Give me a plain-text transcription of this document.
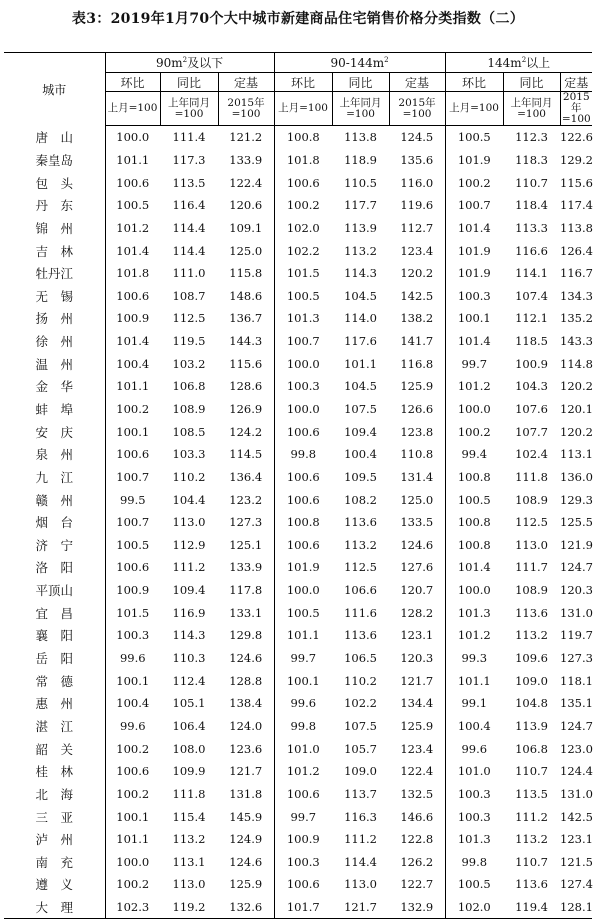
表3：2019年1月70个大中城市新建商品住宅销售价格分类指数（二）
城市	$90m^2$及以下			$90-144m^2$			$144m^2$以上		
	环比	同比	定基	环比	同比	定基	环比	同比	定基
	上月=100	上年同月=100	2015年=100	上月=100	上年同月=100	2015年=100	上月=100	上年同月=100	2015年=100
唐　山	100.0	111.4	121.2	100.8	113.8	124.5	100.5	112.3	122.6
秦皇岛	101.1	117.3	133.9	101.8	118.9	135.6	101.9	118.3	129.2
包　头	100.6	113.5	122.4	100.6	110.5	116.0	100.2	110.7	115.6
丹　东	100.5	116.4	120.6	100.2	117.7	119.6	100.7	118.4	117.4
锦　州	101.2	114.4	109.1	102.0	113.9	112.7	101.4	113.3	113.8
吉　林	101.4	114.4	125.0	102.2	113.2	123.4	101.9	116.6	126.4
牡丹江	101.8	111.0	115.8	101.5	114.3	120.2	101.9	114.1	116.7
无　锡	100.6	108.7	148.6	100.5	104.5	142.5	100.3	107.4	134.3
扬　州	100.9	112.5	136.7	101.3	114.0	138.2	100.1	112.1	135.2
徐　州	101.4	119.5	144.3	100.7	117.6	141.7	101.4	118.5	143.3
温　州	100.4	103.2	115.6	100.0	101.1	116.8	99.7	100.9	114.8
金　华	101.1	106.8	128.6	100.3	104.5	125.9	101.2	104.3	120.2
蚌　埠	100.2	108.9	126.9	100.0	107.5	126.6	100.0	107.6	120.1
安　庆	100.1	108.5	124.2	100.6	109.4	123.8	100.2	107.7	120.2
泉　州	100.6	103.3	114.5	99.8	100.4	110.8	99.4	102.4	113.1
九　江	100.7	110.2	136.4	100.6	109.5	131.4	100.8	111.8	136.0
赣　州	99.5	104.4	123.2	100.6	108.2	125.0	100.5	108.9	129.3
烟　台	100.7	113.0	127.3	100.8	113.6	133.5	100.8	112.5	125.5
济　宁	100.5	112.9	125.1	100.6	113.2	124.6	100.8	113.0	121.9
洛　阳	100.6	111.2	133.9	101.9	112.5	127.6	101.4	111.7	124.7
平顶山	100.9	109.4	117.8	100.0	106.6	120.7	100.0	108.9	120.3
宜　昌	101.5	116.9	133.1	100.5	111.6	128.2	101.3	113.6	131.0
襄　阳	100.3	114.3	129.8	101.1	113.6	123.1	101.2	113.2	119.7
岳　阳	99.6	110.3	124.6	99.7	106.5	120.3	99.3	109.6	127.3
常　德	100.1	112.4	128.8	100.1	110.2	121.7	101.1	109.0	118.1
惠　州	100.4	105.1	138.4	99.6	102.2	134.4	99.1	104.8	135.1
湛　江	99.6	106.4	124.0	99.8	107.5	125.9	100.4	113.9	124.7
韶　关	100.2	108.0	123.6	101.0	105.7	123.4	99.6	106.8	123.0
桂　林	100.6	109.9	121.7	101.2	109.0	122.4	101.0	110.7	124.4
北　海	100.2	111.8	131.8	100.6	113.7	132.5	100.3	113.5	131.0
三　亚	100.1	115.4	145.9	99.7	116.3	146.6	100.3	111.2	142.5
泸　州	101.1	113.2	124.9	100.9	111.2	122.8	101.3	113.2	123.1
南　充	100.0	113.1	124.6	100.3	114.4	126.2	99.8	110.7	121.5
遵　义	100.2	113.0	125.9	100.6	113.0	122.7	100.5	113.6	127.4
大　理	102.3	119.2	132.6	101.7	121.7	132.9	102.0	119.4	128.1
